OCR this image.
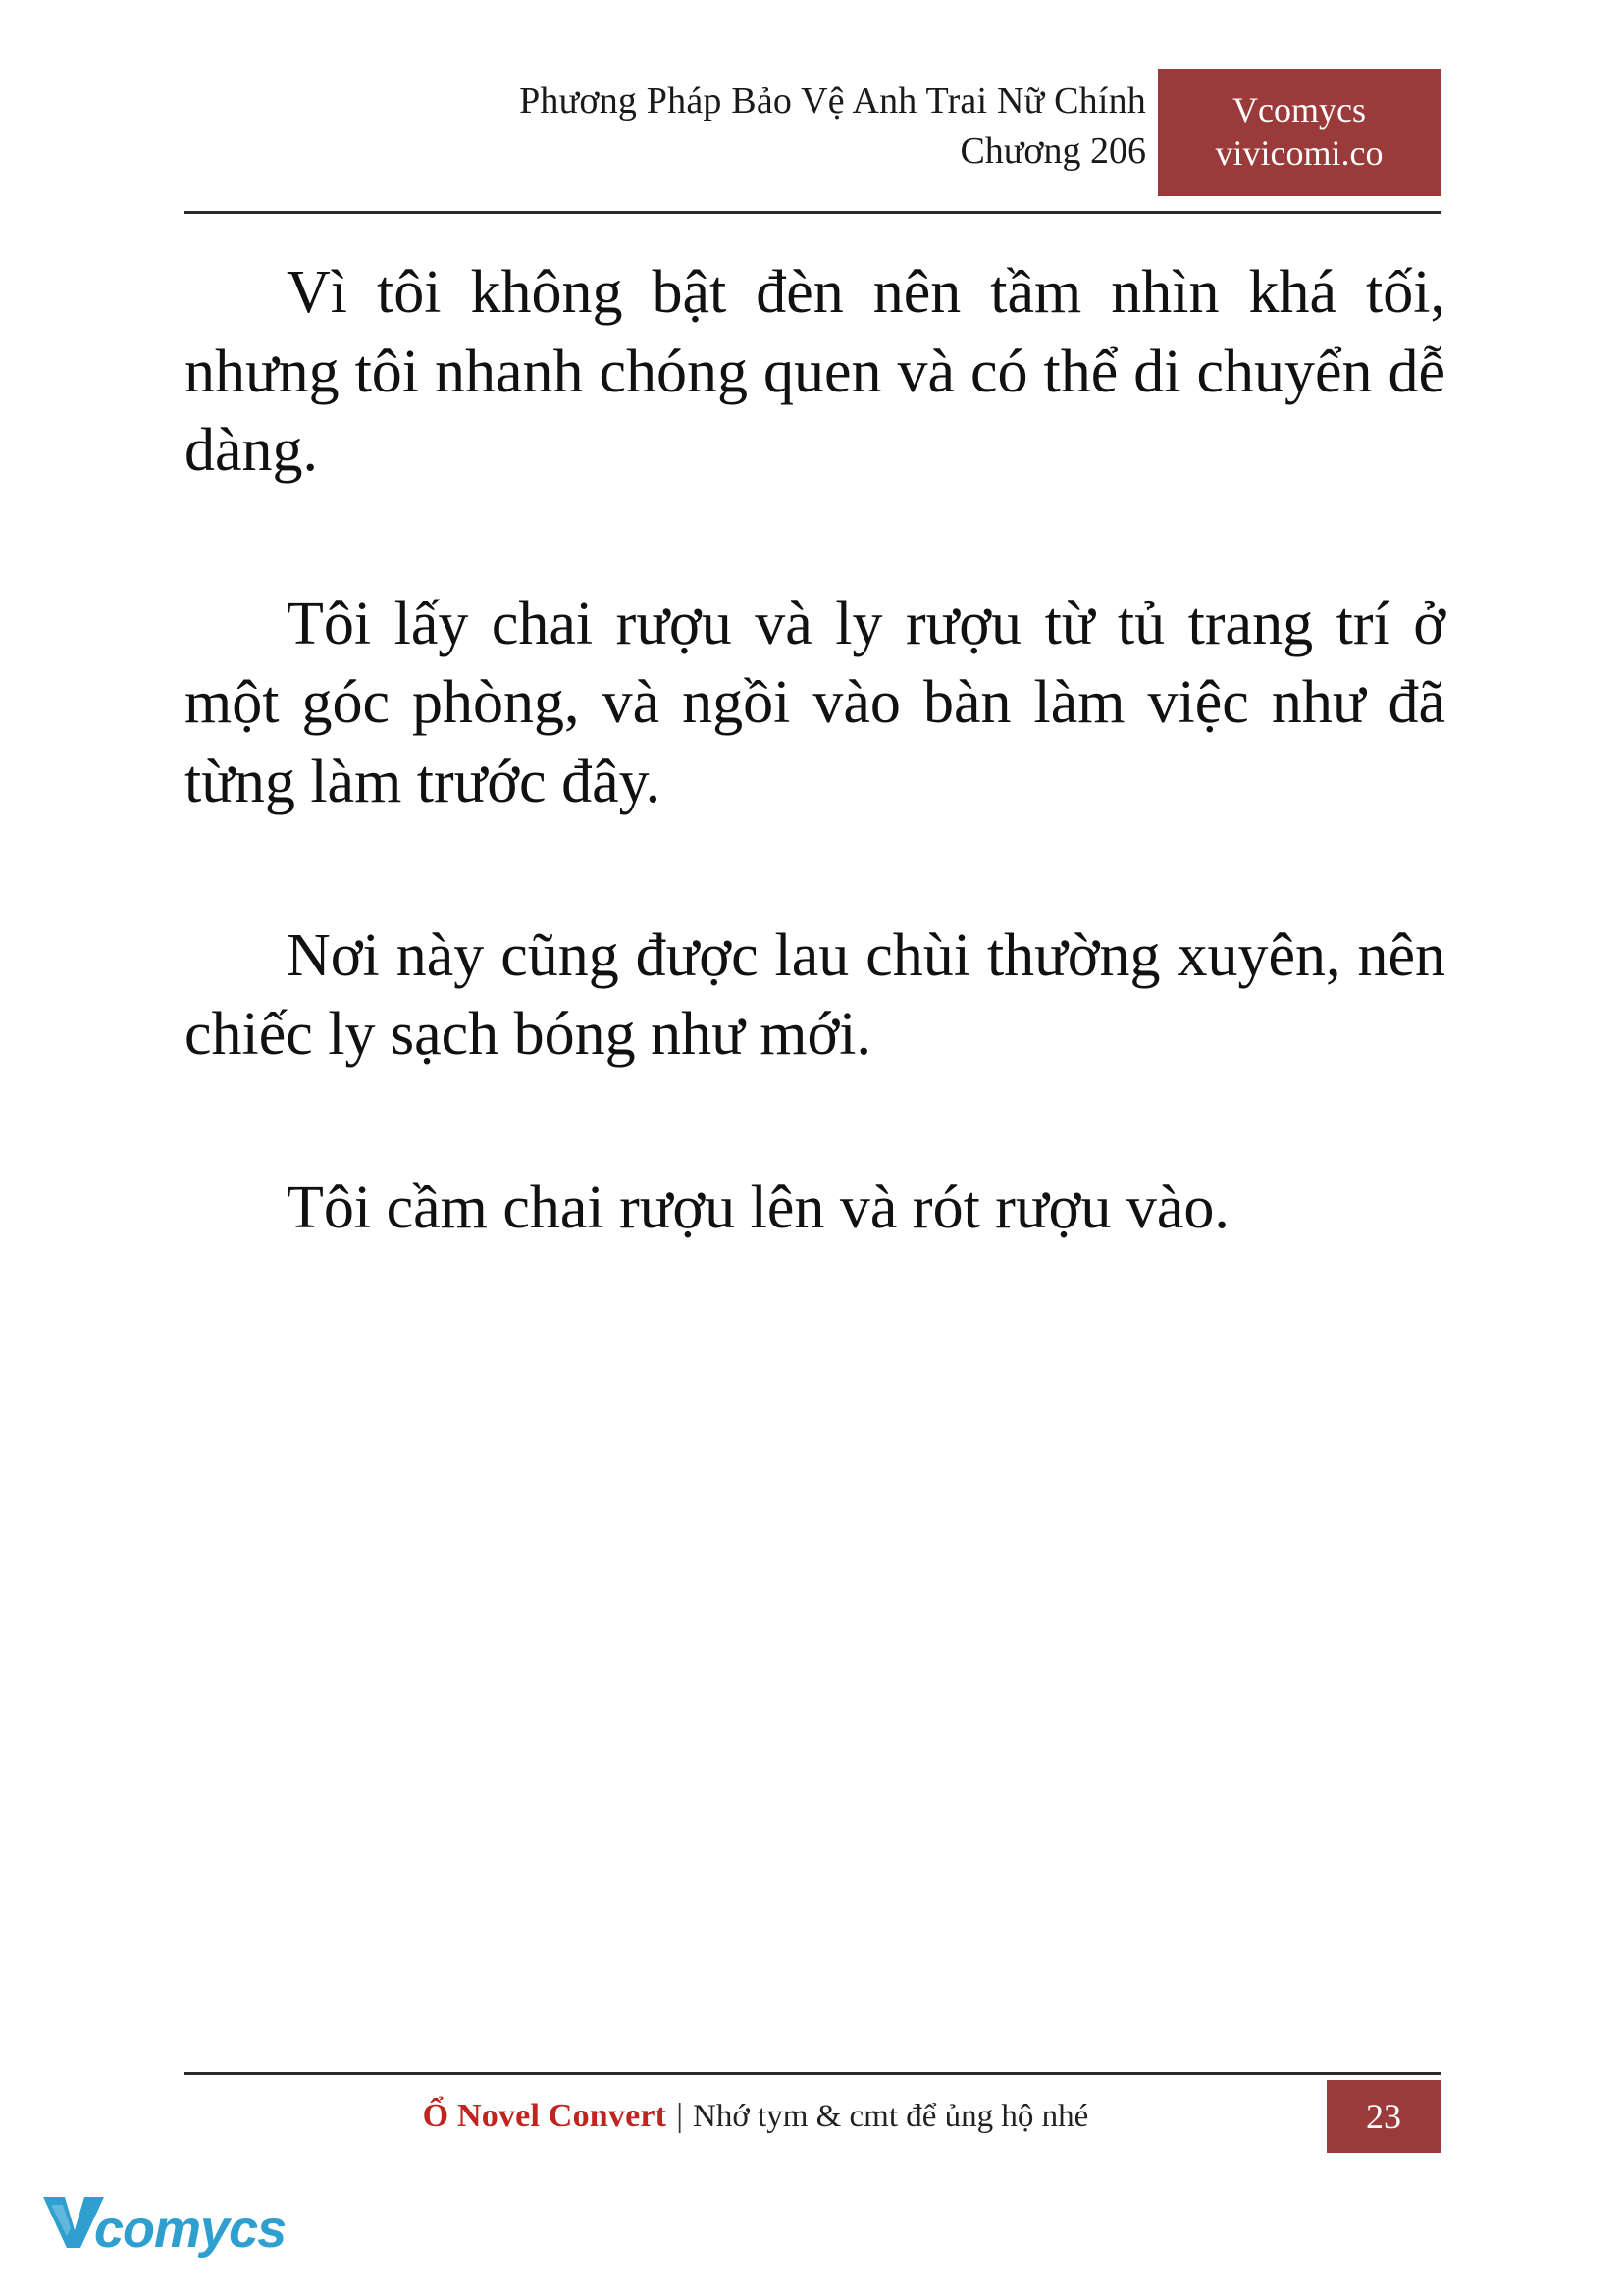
Phương Pháp Bảo Vệ Anh Trai Nữ Chính
Chương 206
Vcomycs
vivicomi.co

Vì tôi không bật đèn nên tầm nhìn khá tối, nhưng tôi nhanh chóng quen và có thể di chuyển dễ dàng.

Tôi lấy chai rượu và ly rượu từ tủ trang trí ở một góc phòng, và ngồi vào bàn làm việc như đã từng làm trước đây.

Nơi này cũng được lau chùi thường xuyên, nên chiếc ly sạch bóng như mới.

Tôi cầm chai rượu lên và rót rượu vào.

Ổ Novel Convert | Nhớ tym & cmt để ủng hộ nhé	23
comycs
